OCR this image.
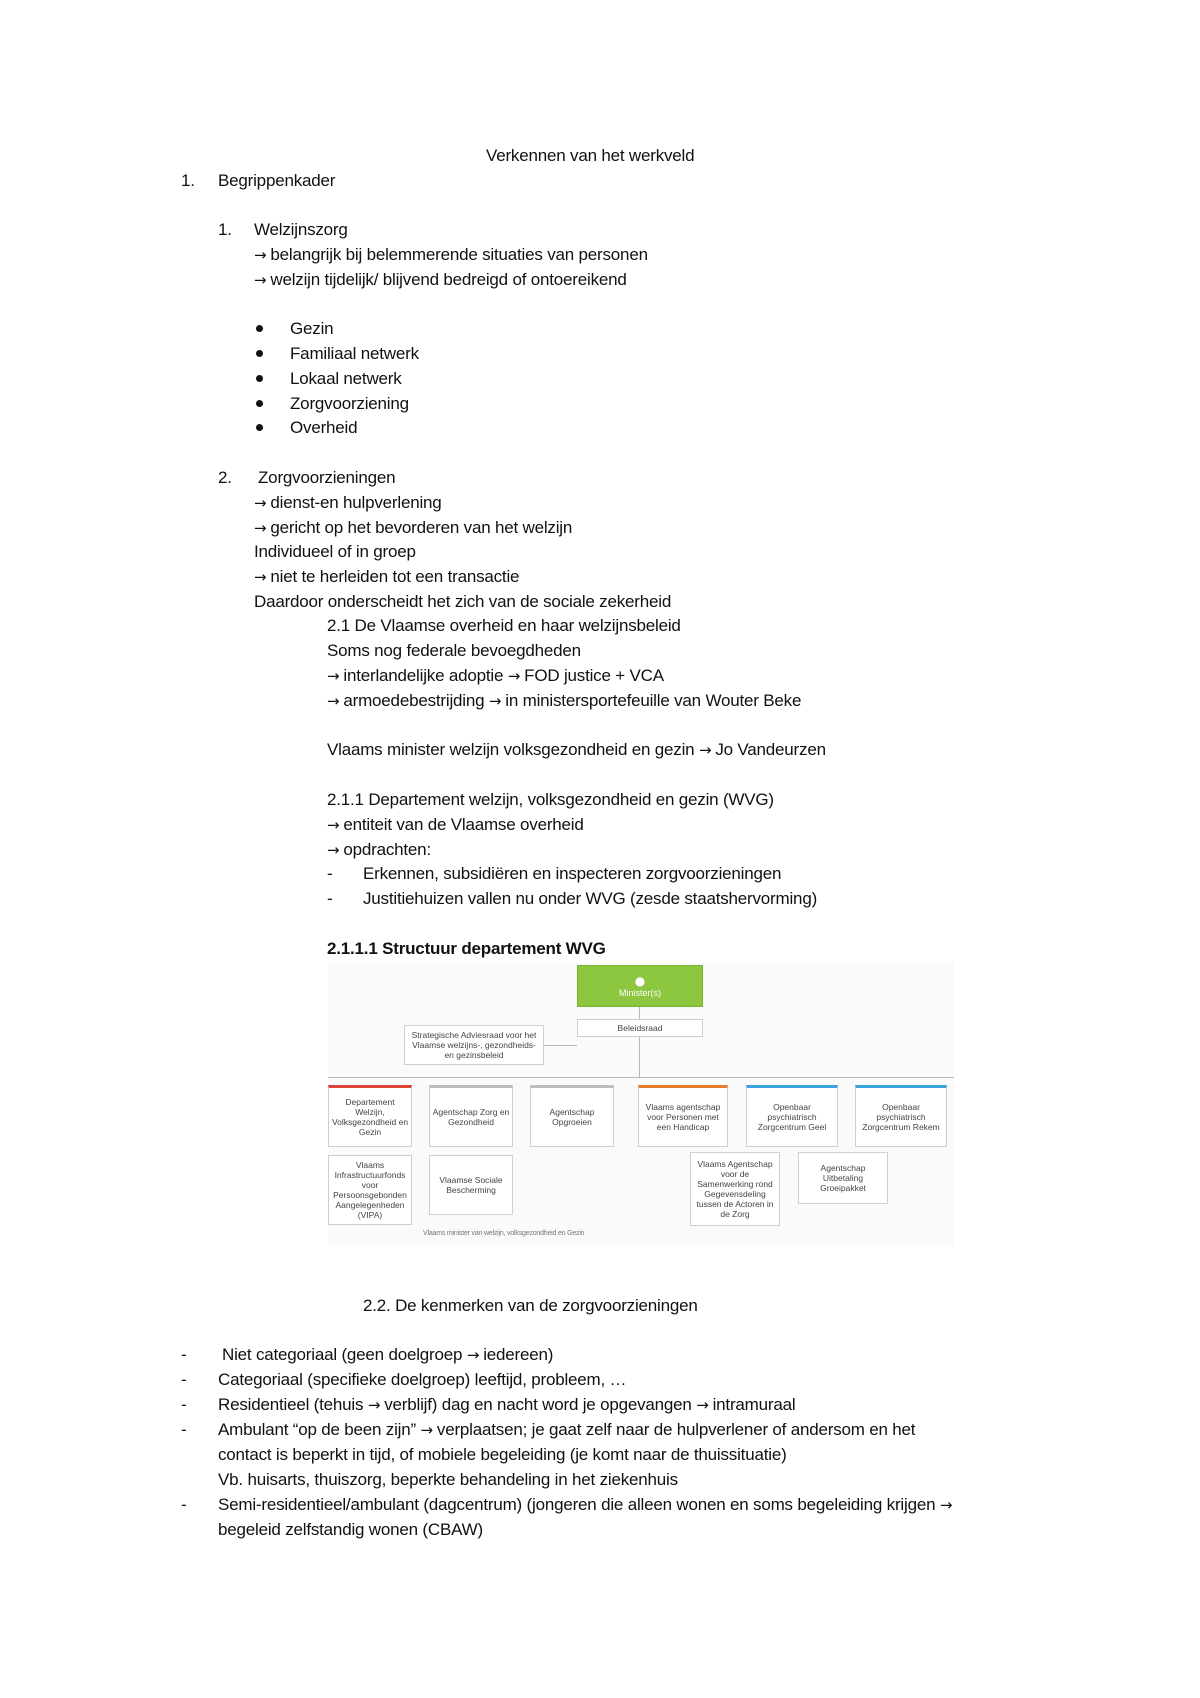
Verkennen van het werkveld
1. Begrippenkader
1. Welzijnszorg
→ belangrijk bij belemmerende situaties van personen
→ welzijn tijdelijk/ blijvend bedreigd of ontoereikend
Gezin
Familiaal netwerk
Lokaal netwerk
Zorgvoorziening
Overheid
2. Zorgvoorzieningen
→ dienst-en hulpverlening
→ gericht op het bevorderen van het welzijn
Individueel of in groep
→ niet te herleiden tot een transactie
Daardoor onderscheidt het zich van de sociale zekerheid
2.1 De Vlaamse overheid en haar welzijnsbeleid
Soms nog federale bevoegdheden
→ interlandelijke adoptie → FOD justice + VCA
→ armoedebestrijding → in ministersportefeuille van Wouter Beke
Vlaams minister welzijn volksgezondheid en gezin → Jo Vandeurzen
2.1.1 Departement welzijn, volksgezondheid en gezin (WVG)
→ entiteit van de Vlaamse overheid
→ opdrachten:
- Erkennen, subsidiëren en inspecteren zorgvoorzieningen
- Justitiehuizen vallen nu onder WVG (zesde staatshervorming)
2.1.1.1 Structuur departement WVG
●
Minister(s)
Beleidsraad
Strategische Adviesraad voor het Vlaamse welzijns-, gezondheids- en gezinsbeleid
Departement Welzijn, Volksgezondheid en Gezin
Agentschap Zorg en Gezondheid
Agentschap Opgroeien
Vlaams agentschap voor Personen met een Handicap
Openbaar psychiatrisch Zorgcentrum Geel
Openbaar psychiatrisch Zorgcentrum Rekem
Vlaams Infrastructuurfonds voor Persoonsgebonden Aangelegenheden (VIPA)
Vlaamse Sociale Bescherming
Vlaams Agentschap voor de Samenwerking rond Gegevensdeling tussen de Actoren in de Zorg
Agentschap Uitbetaling Groeipakket
Vlaams minister van welzijn, volksgezondheid en Gezin
2.2. De kenmerken van de zorgvoorzieningen
- Niet categoriaal (geen doelgroep → iedereen)
- Categoriaal (specifieke doelgroep) leeftijd, probleem, …
- Residentieel (tehuis → verblijf) dag en nacht word je opgevangen → intramuraal
- Ambulant “op de been zijn” → verplaatsen; je gaat zelf naar de hulpverlener of andersom en het
contact is beperkt in tijd, of mobiele begeleiding (je komt naar de thuissituatie)
Vb. huisarts, thuiszorg, beperkte behandeling in het ziekenhuis
- Semi-residentieel/ambulant (dagcentrum) (jongeren die alleen wonen en soms begeleiding krijgen →
begeleid zelfstandig wonen (CBAW)
